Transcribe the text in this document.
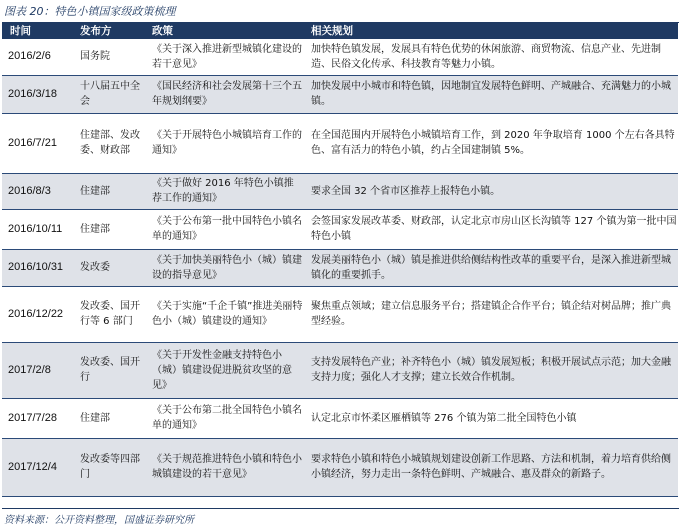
图表 20：特色小镇国家级政策梳理
时间	发布方	政策	相关规划
2016/2/6	国务院	《关于深入推进新型城镇化建设的若干意见》	加快特色镇发展，发展具有特色优势的休闲旅游、商贸物流、信息产业、先进制造、民俗文化传承、科技教育等魅力小镇。
2016/3/18	十八届五中全会	《国民经济和社会发展第十三个五年规划纲要》	加快发展中小城市和特色镇，因地制宜发展特色鲜明、产城融合、充满魅力的小城镇。
2016/7/21	住建部、发改委、财政部	《关于开展特色小城镇培育工作的通知》	在全国范围内开展特色小城镇培育工作，到 2020 年争取培育 1000 个左右各具特色、富有活力的特色小镇，约占全国建制镇 5%。
2016/8/3	住建部	《关于做好 2016 年特色小镇推荐工作的通知》	要求全国 32 个省市区推荐上报特色小镇。
2016/10/11	住建部	《关于公布第一批中国特色小镇名单的通知》	会签国家发展改革委、财政部，认定北京市房山区长沟镇等 127 个镇为第一批中国特色小镇
2016/10/31	发改委	《关于加快美丽特色小（城）镇建设的指导意见》	发展美丽特色小（城）镇是推进供给侧结构性改革的重要平台，是深入推进新型城镇化的重要抓手。
2016/12/22	发改委、国开行等 6 部门	《关于实施“千企千镇”推进美丽特色小（城）镇建设的通知》	聚焦重点领域；建立信息服务平台；搭建镇企合作平台；镇企结对树品牌；推广典型经验。
2017/2/8	发改委、国开行	《关于开发性金融支持特色小（城）镇建设促进脱贫攻坚的意见》	支持发展特色产业；补齐特色小（城）镇发展短板；积极开展试点示范；加大金融支持力度；强化人才支撑；建立长效合作机制。
2017/7/28	住建部	《关于公布第二批全国特色小镇名单的通知》	认定北京市怀柔区雁栖镇等 276 个镇为第二批全国特色小镇
2017/12/4	发改委等四部门	《关于规范推进特色小镇和特色小城镇建设的若干意见》	要求特色小镇和特色小城镇规划建设创新工作思路、方法和机制，着力培育供给侧小镇经济，努力走出一条特色鲜明、产城融合、惠及群众的新路子。
资料来源：公开资料整理，国盛证券研究所
